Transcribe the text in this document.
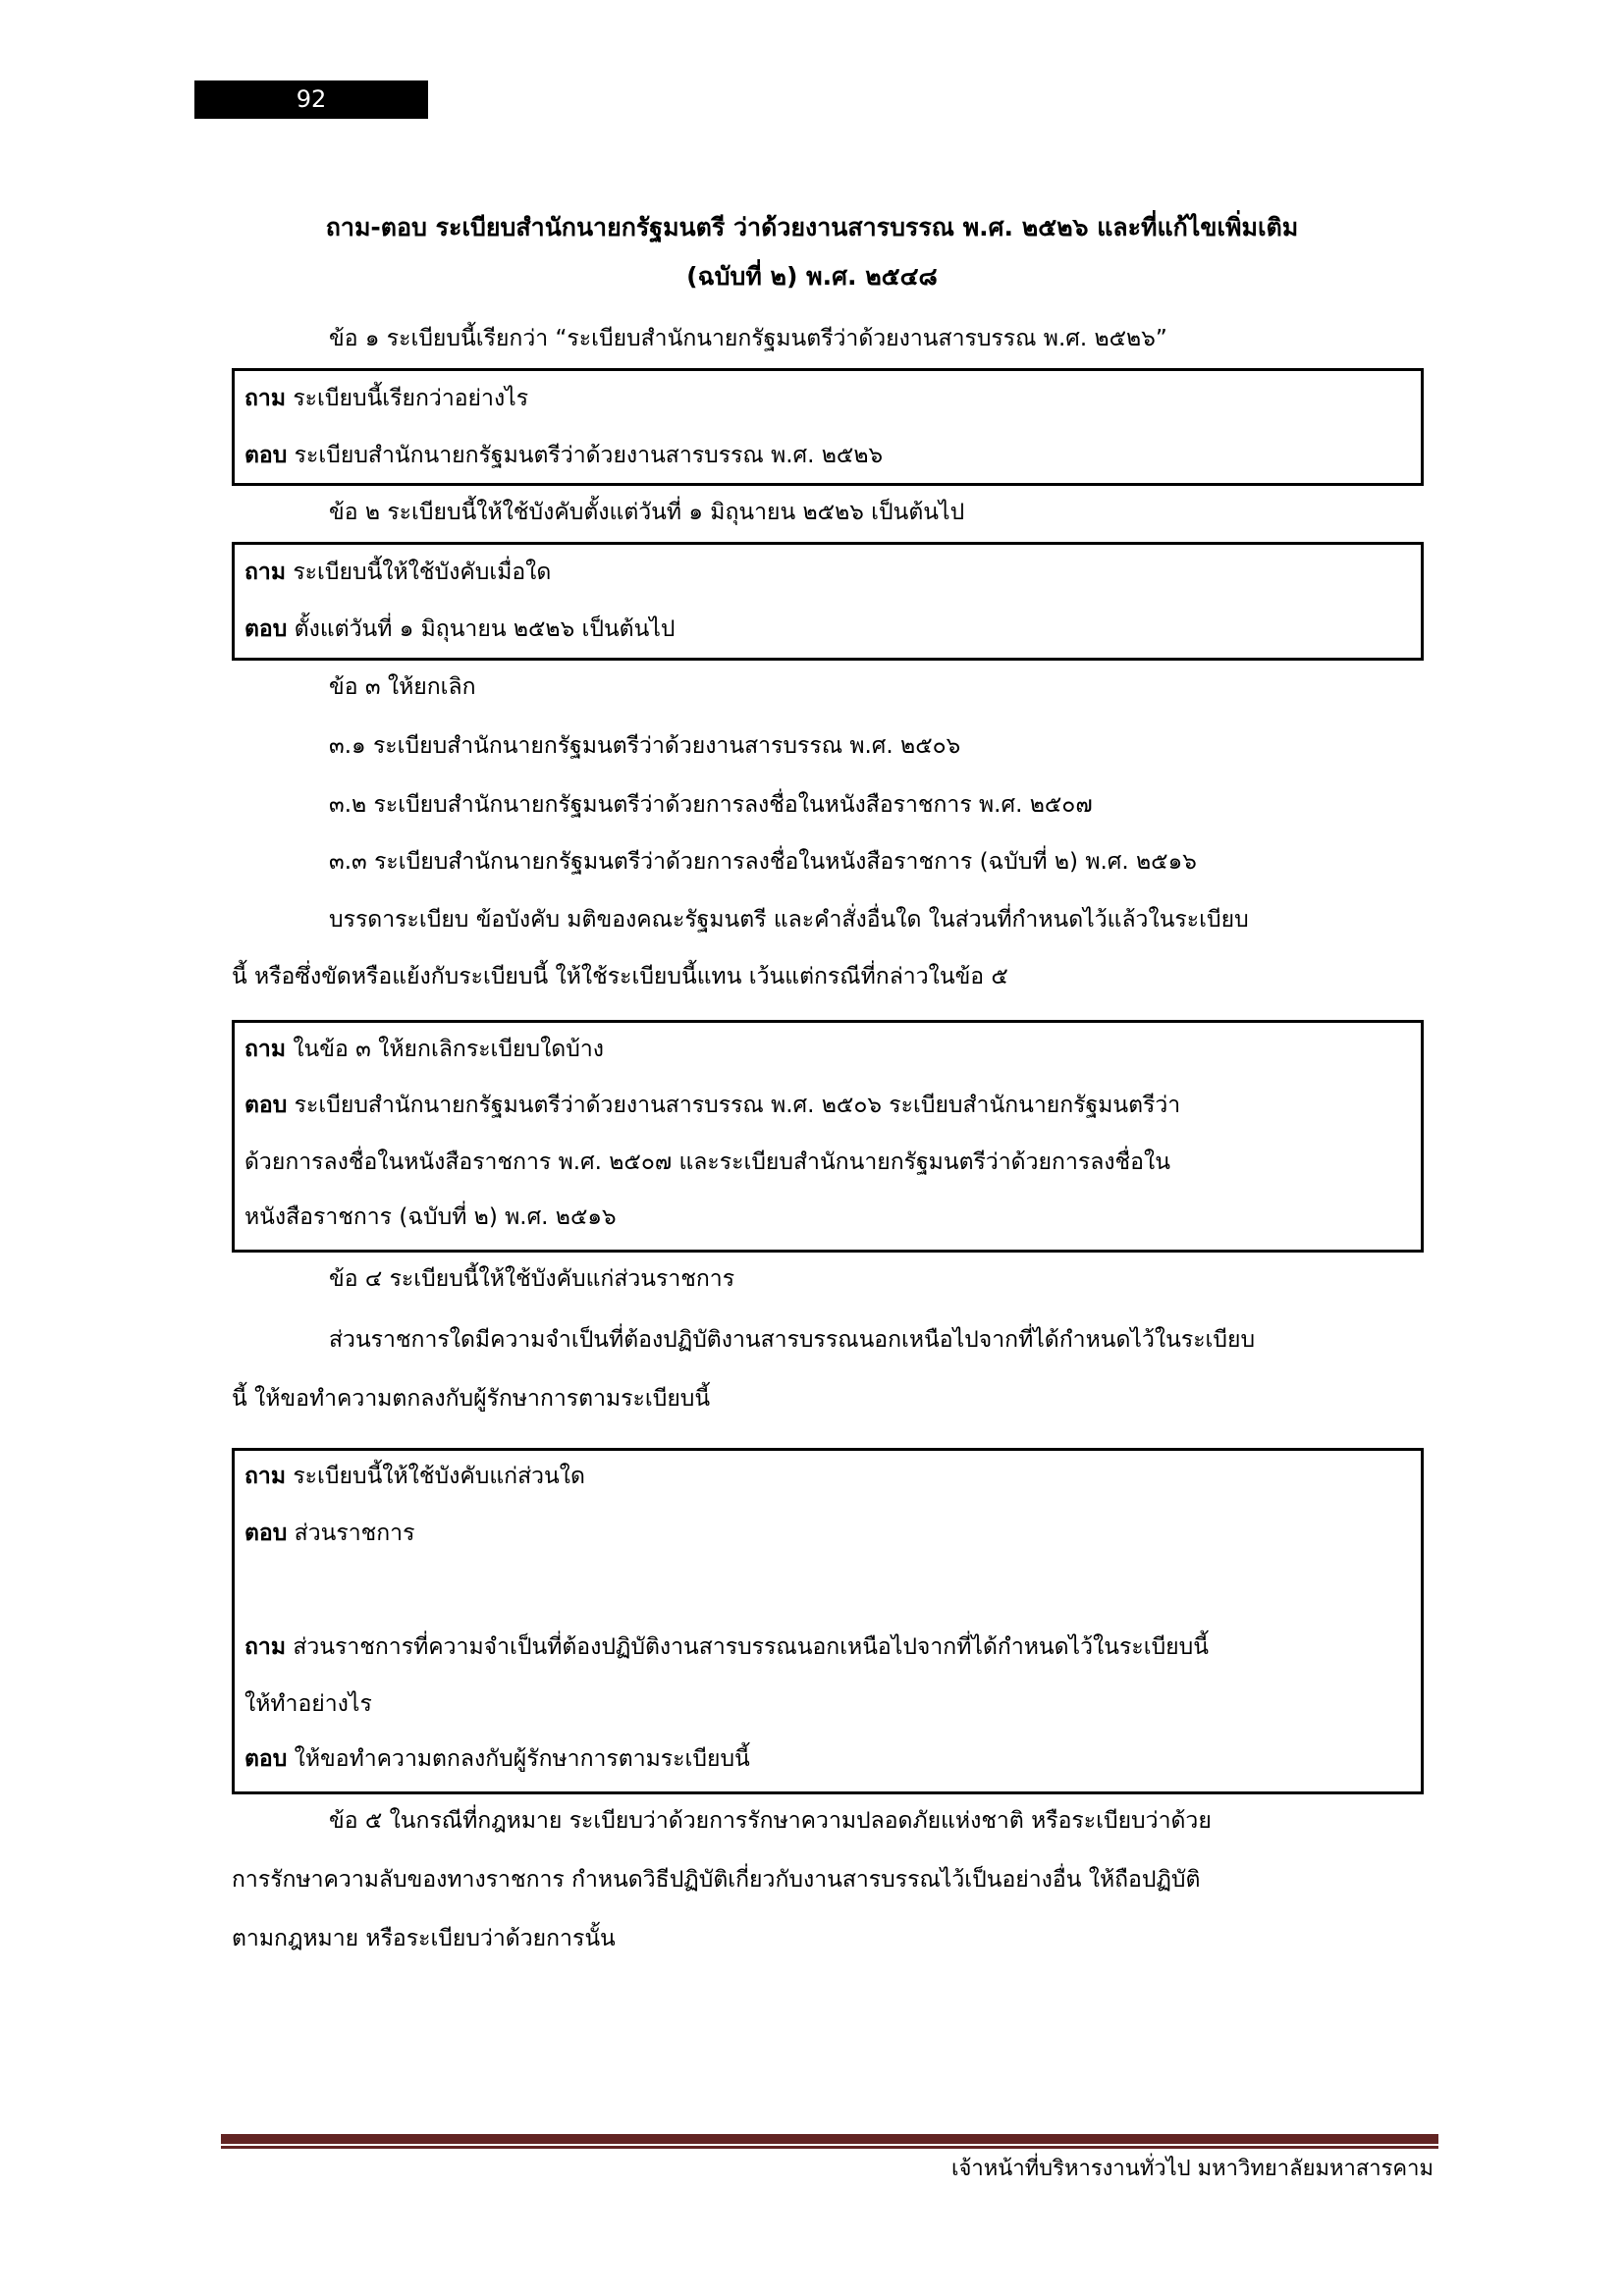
92
ถาม-ตอบ ระเบียบสำนักนายกรัฐมนตรี ว่าด้วยงานสารบรรณ พ.ศ. ๒๕๒๖ และที่แก้ไขเพิ่มเติม
(ฉบับที่ ๒) พ.ศ. ๒๕๔๘
ข้อ ๑ ระเบียบนี้เรียกว่า “ระเบียบสำนักนายกรัฐมนตรีว่าด้วยงานสารบรรณ พ.ศ. ๒๕๒๖”
ถาม ระเบียบนี้เรียกว่าอย่างไร
ตอบ ระเบียบสำนักนายกรัฐมนตรีว่าด้วยงานสารบรรณ พ.ศ. ๒๕๒๖
ข้อ ๒ ระเบียบนี้ให้ใช้บังคับตั้งแต่วันที่ ๑ มิถุนายน ๒๕๒๖ เป็นต้นไป
ถาม ระเบียบนี้ให้ใช้บังคับเมื่อใด
ตอบ ตั้งแต่วันที่ ๑ มิถุนายน ๒๕๒๖ เป็นต้นไป
ข้อ ๓ ให้ยกเลิก
๓.๑ ระเบียบสำนักนายกรัฐมนตรีว่าด้วยงานสารบรรณ พ.ศ. ๒๕๐๖
๓.๒ ระเบียบสำนักนายกรัฐมนตรีว่าด้วยการลงชื่อในหนังสือราชการ พ.ศ. ๒๕๐๗
๓.๓ ระเบียบสำนักนายกรัฐมนตรีว่าด้วยการลงชื่อในหนังสือราชการ (ฉบับที่ ๒) พ.ศ. ๒๕๑๖
บรรดาระเบียบ ข้อบังคับ มติของคณะรัฐมนตรี และคำสั่งอื่นใด ในส่วนที่กำหนดไว้แล้วในระเบียบ
นี้ หรือซึ่งขัดหรือแย้งกับระเบียบนี้ ให้ใช้ระเบียบนี้แทน เว้นแต่กรณีที่กล่าวในข้อ ๕
ถาม ในข้อ ๓ ให้ยกเลิกระเบียบใดบ้าง
ตอบ ระเบียบสำนักนายกรัฐมนตรีว่าด้วยงานสารบรรณ พ.ศ. ๒๕๐๖ ระเบียบสำนักนายกรัฐมนตรีว่า
ด้วยการลงชื่อในหนังสือราชการ พ.ศ. ๒๕๐๗ และระเบียบสำนักนายกรัฐมนตรีว่าด้วยการลงชื่อใน
หนังสือราชการ (ฉบับที่ ๒) พ.ศ. ๒๕๑๖
ข้อ ๔ ระเบียบนี้ให้ใช้บังคับแก่ส่วนราชการ
ส่วนราชการใดมีความจำเป็นที่ต้องปฏิบัติงานสารบรรณนอกเหนือไปจากที่ได้กำหนดไว้ในระเบียบ
นี้ ให้ขอทำความตกลงกับผู้รักษาการตามระเบียบนี้
ถาม ระเบียบนี้ให้ใช้บังคับแก่ส่วนใด
ตอบ ส่วนราชการ
ถาม ส่วนราชการที่ความจำเป็นที่ต้องปฏิบัติงานสารบรรณนอกเหนือไปจากที่ได้กำหนดไว้ในระเบียบนี้
ให้ทำอย่างไร
ตอบ ให้ขอทำความตกลงกับผู้รักษาการตามระเบียบนี้
ข้อ ๕ ในกรณีที่กฎหมาย ระเบียบว่าด้วยการรักษาความปลอดภัยแห่งชาติ หรือระเบียบว่าด้วย
การรักษาความลับของทางราชการ กำหนดวิธีปฏิบัติเกี่ยวกับงานสารบรรณไว้เป็นอย่างอื่น ให้ถือปฏิบัติ
ตามกฎหมาย หรือระเบียบว่าด้วยการนั้น
เจ้าหน้าที่บริหารงานทั่วไป มหาวิทยาลัยมหาสารคาม
